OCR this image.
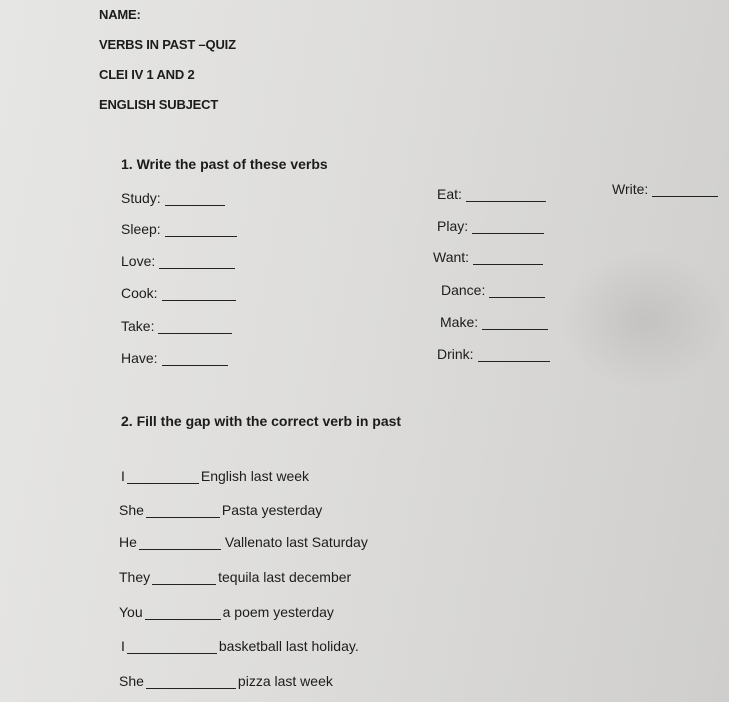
NAME:
VERBS IN PAST –QUIZ
CLEI IV 1 AND 2
ENGLISH SUBJECT
1. Write the past of these verbs
Study:
Sleep:
Love:
Cook:
Take:
Have:
Eat:
Play:
Want:
Dance:
Make:
Drink:
Write:
2. Fill the gap with the correct verb in past
I	English last week
She	Pasta yesterday
He	Vallenato last Saturday
They	tequila last december
You	a poem yesterday
I	basketball last holiday.
She	pizza last week
